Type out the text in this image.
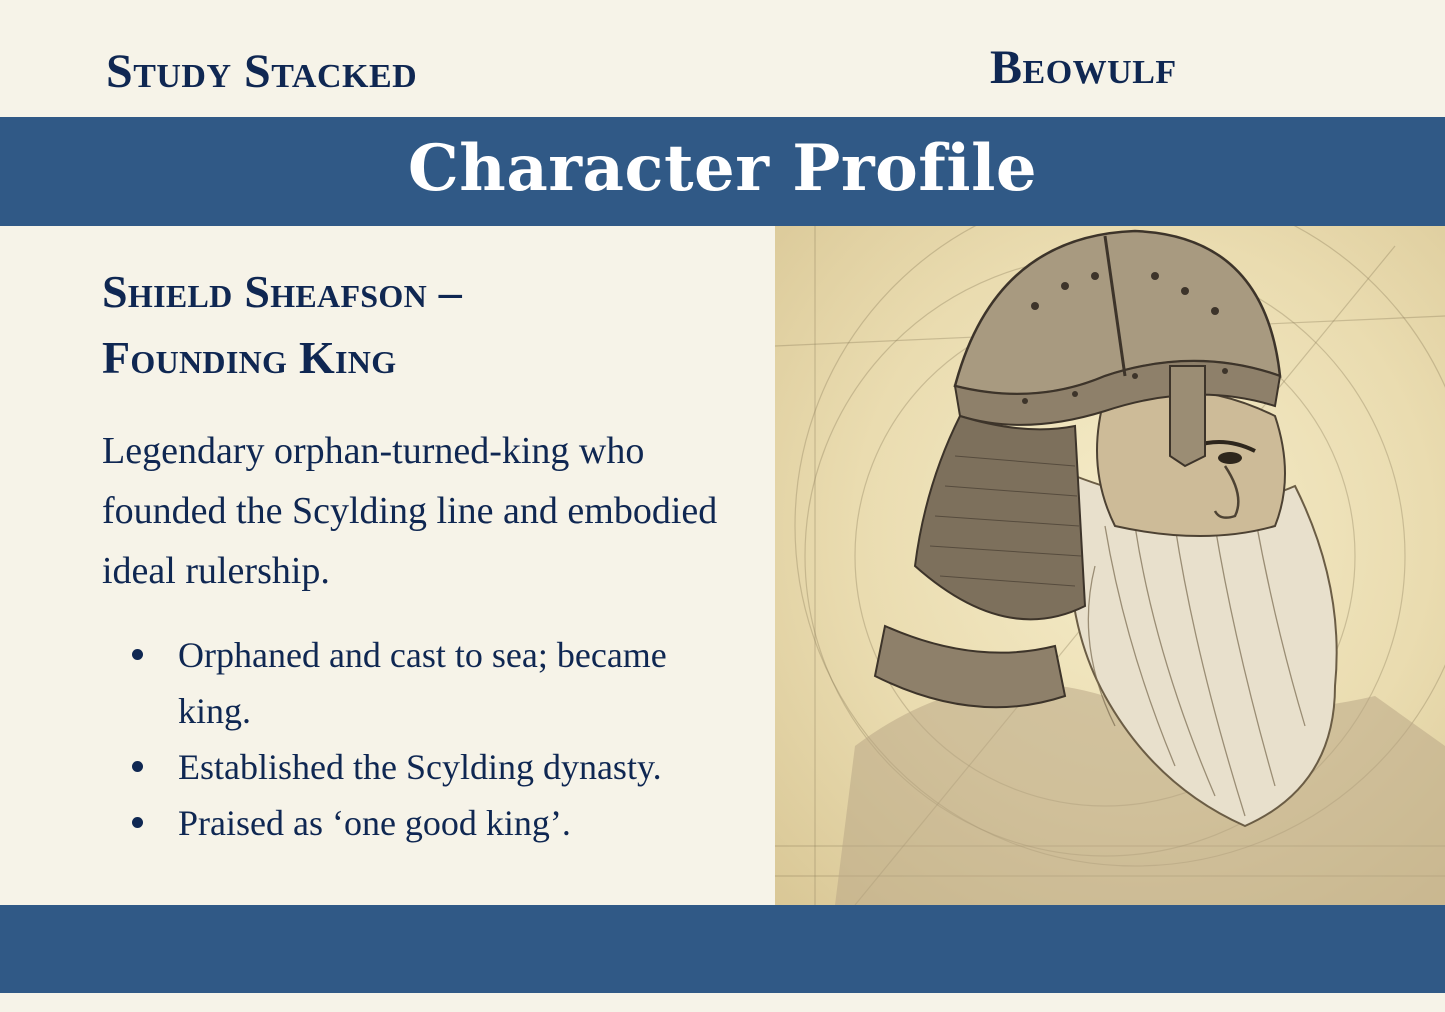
Study Stacked	Beowulf
Character Profile
Shield Sheafson –
Founding King

Legendary orphan-turned-king who founded the Scylding line and embodied ideal rulership.

Orphaned and cast to sea; became king.
Established the Scylding dynasty.
Praised as ‘one good king’.
